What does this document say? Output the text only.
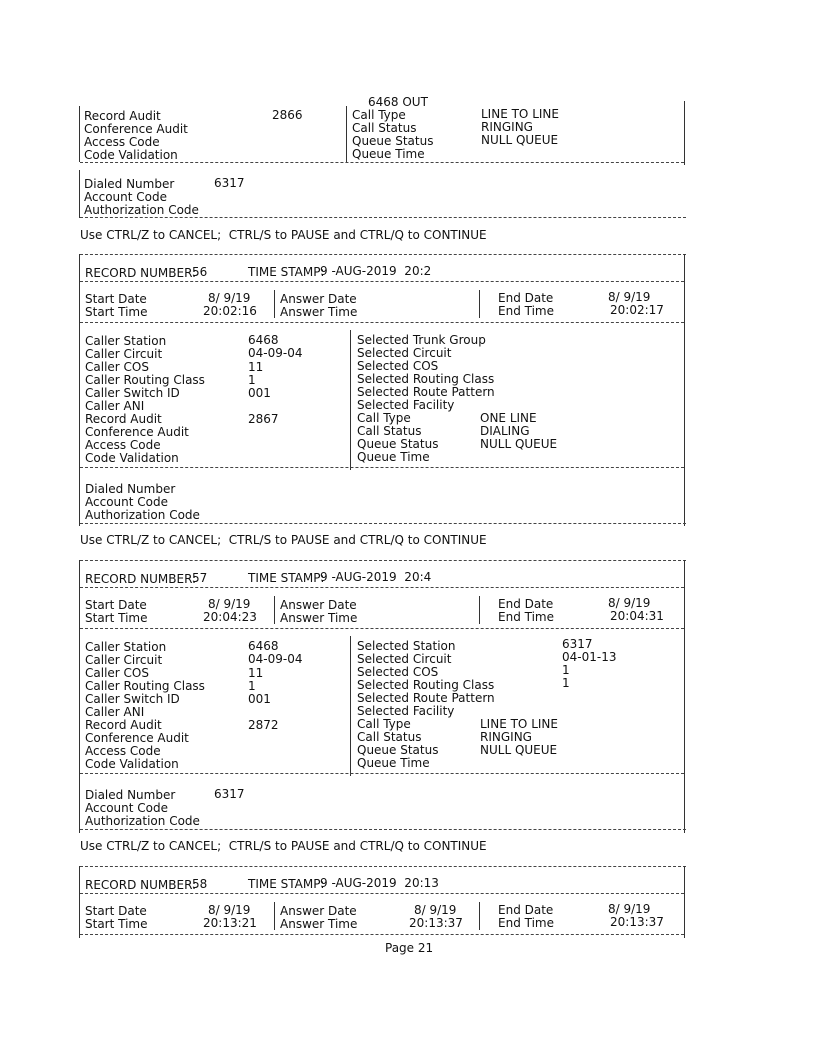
6468 OUT
Record Audit	2866
Conference Audit
Access Code
Code Validation
Call Type	LINE TO LINE
Call Status	RINGING
Queue Status	NULL QUEUE
Queue Time
Dialed Number	6317
Account Code
Authorization Code
Use CTRL/Z to CANCEL;  CTRL/S to PAUSE and CTRL/Q to CONTINUE
RECORD NUMBER:
56	TIME STAMP:
9 -AUG-2019  20:2
Start Date	8/ 9/19 Answer Date	End Date	8/ 9/19
Start Time	20:02:16 Answer Time	End Time	20:02:17
Caller Station	6468
Caller Circuit	04-09-04
Caller COS	11
Caller Routing Class	1
Caller Switch ID	001
Caller ANI
Record Audit	2867
Conference Audit
Access Code
Code Validation
Selected Trunk Group
Selected Circuit
Selected COS
Selected Routing Class
Selected Route Pattern
Selected Facility
Call Type	ONE LINE
Call Status	DIALING
Queue Status	NULL QUEUE
Queue Time
Dialed Number
Account Code
Authorization Code
Use CTRL/Z to CANCEL;  CTRL/S to PAUSE and CTRL/Q to CONTINUE
RECORD NUMBER:
57	TIME STAMP:
9 -AUG-2019  20:4
Start Date	8/ 9/19 Answer Date	End Date	8/ 9/19
Start Time	20:04:23 Answer Time	End Time	20:04:31
Caller Station	6468
Caller Circuit	04-09-04
Caller COS	11
Caller Routing Class	1
Caller Switch ID	001
Caller ANI
Record Audit	2872
Conference Audit
Access Code
Code Validation
Selected Station	6317
Selected Circuit	04-01-13
Selected COS	1
Selected Routing Class	1
Selected Route Pattern
Selected Facility
Call Type	LINE TO LINE
Call Status	RINGING
Queue Status	NULL QUEUE
Queue Time
Dialed Number	6317
Account Code
Authorization Code
Use CTRL/Z to CANCEL;  CTRL/S to PAUSE and CTRL/Q to CONTINUE
RECORD NUMBER:
58	TIME STAMP:
9 -AUG-2019  20:13
Start Date	8/ 9/19 Answer Date	8/ 9/19	End Date	8/ 9/19
Start Time	20:13:21 Answer Time	20:13:37	End Time	20:13:37
Page 21
